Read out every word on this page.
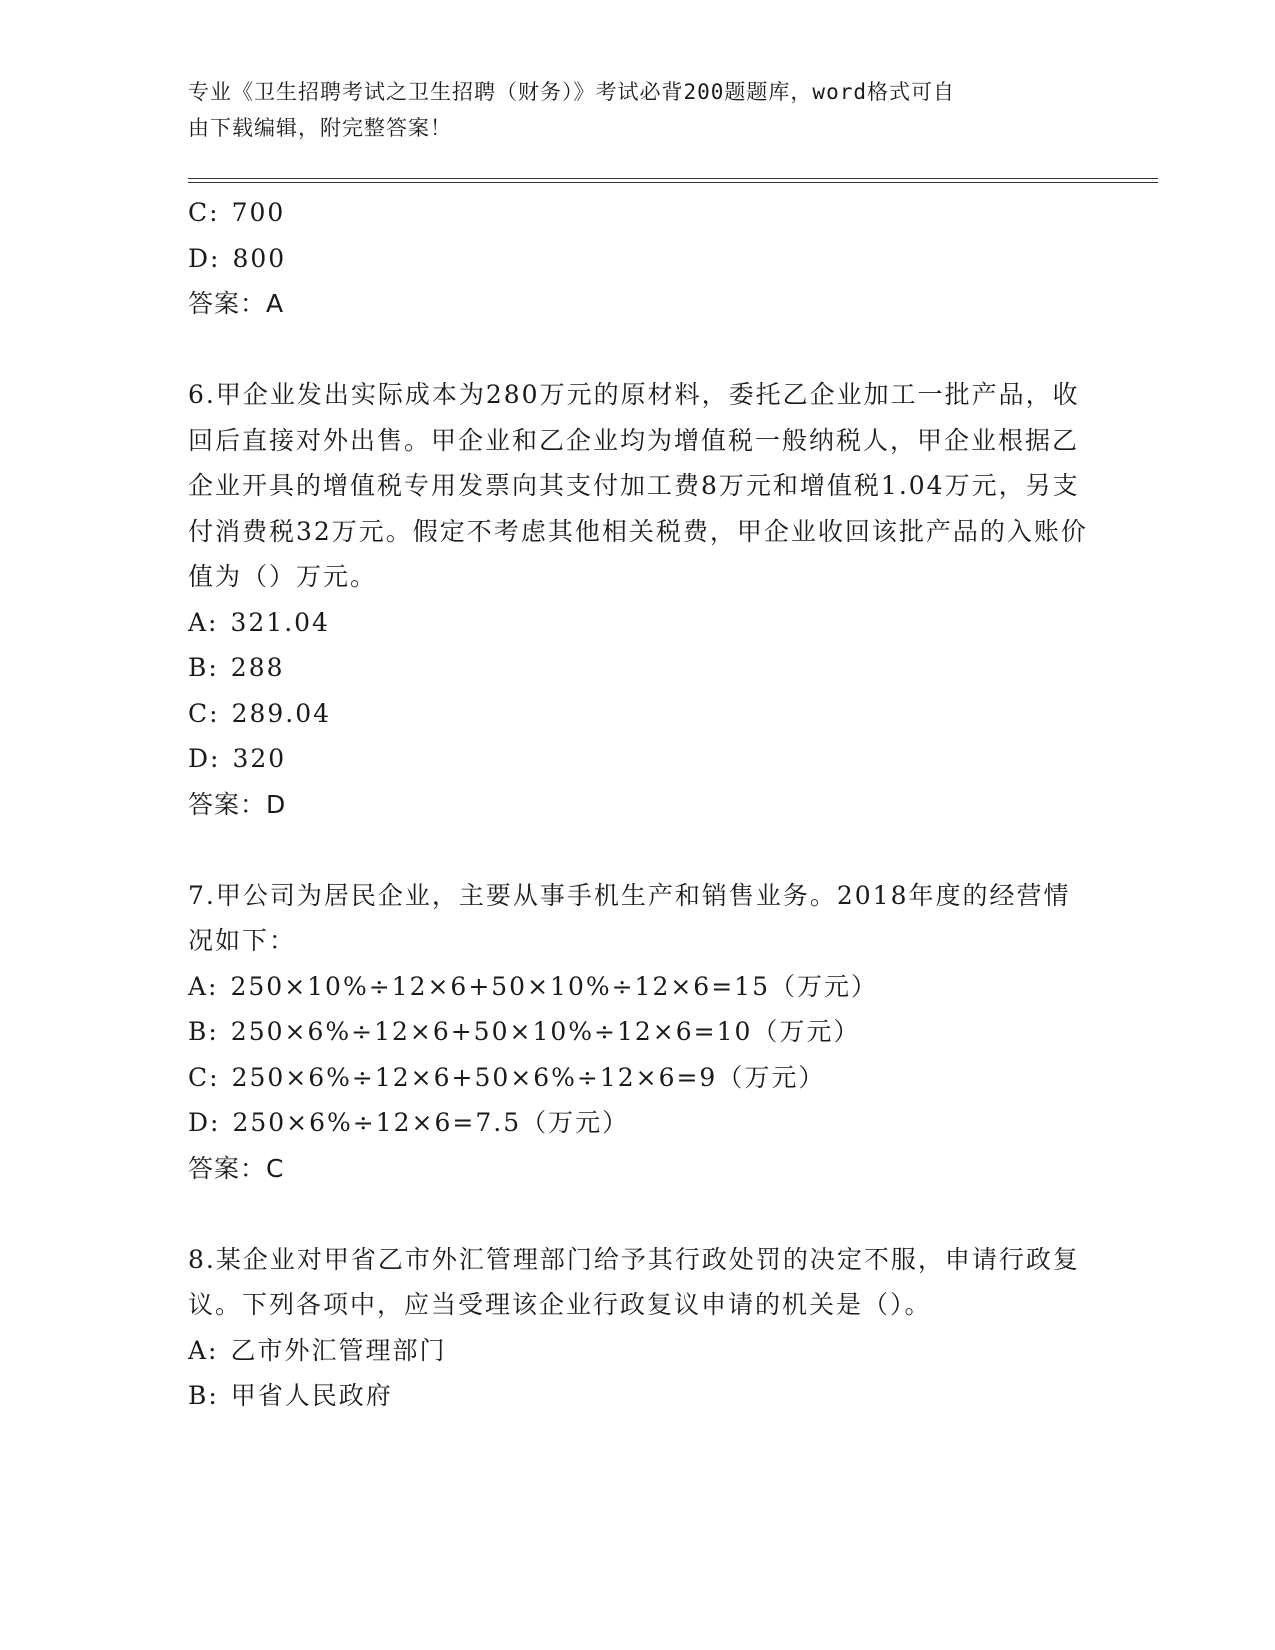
专业《卫生招聘考试之卫生招聘（财务）》考试必背200题题库，word格式可自
由下载编辑，附完整答案！
C: 700
D: 800
答案：A
6.甲企业发出实际成本为280万元的原材料，委托乙企业加工一批产品，收回后直接对外出售。甲企业和乙企业均为增值税一般纳税人，甲企业根据乙企业开具的增值税专用发票向其支付加工费8万元和增值税1.04万元，另支付消费税32万元。假定不考虑其他相关税费，甲企业收回该批产品的入账价值为（）万元。
A: 321.04
B: 288
C: 289.04
D: 320
答案：D
7.甲公司为居民企业，主要从事手机生产和销售业务。2018年度的经营情况如下：
A: 250×10%÷12×6+50×10%÷12×6=15（万元）
B: 250×6%÷12×6+50×10%÷12×6=10（万元）
C: 250×6%÷12×6+50×6%÷12×6=9（万元）
D: 250×6%÷12×6=7.5（万元）
答案：C
8.某企业对甲省乙市外汇管理部门给予其行政处罚的决定不服，申请行政复议。下列各项中，应当受理该企业行政复议申请的机关是（）。
A: 乙市外汇管理部门
B: 甲省人民政府
